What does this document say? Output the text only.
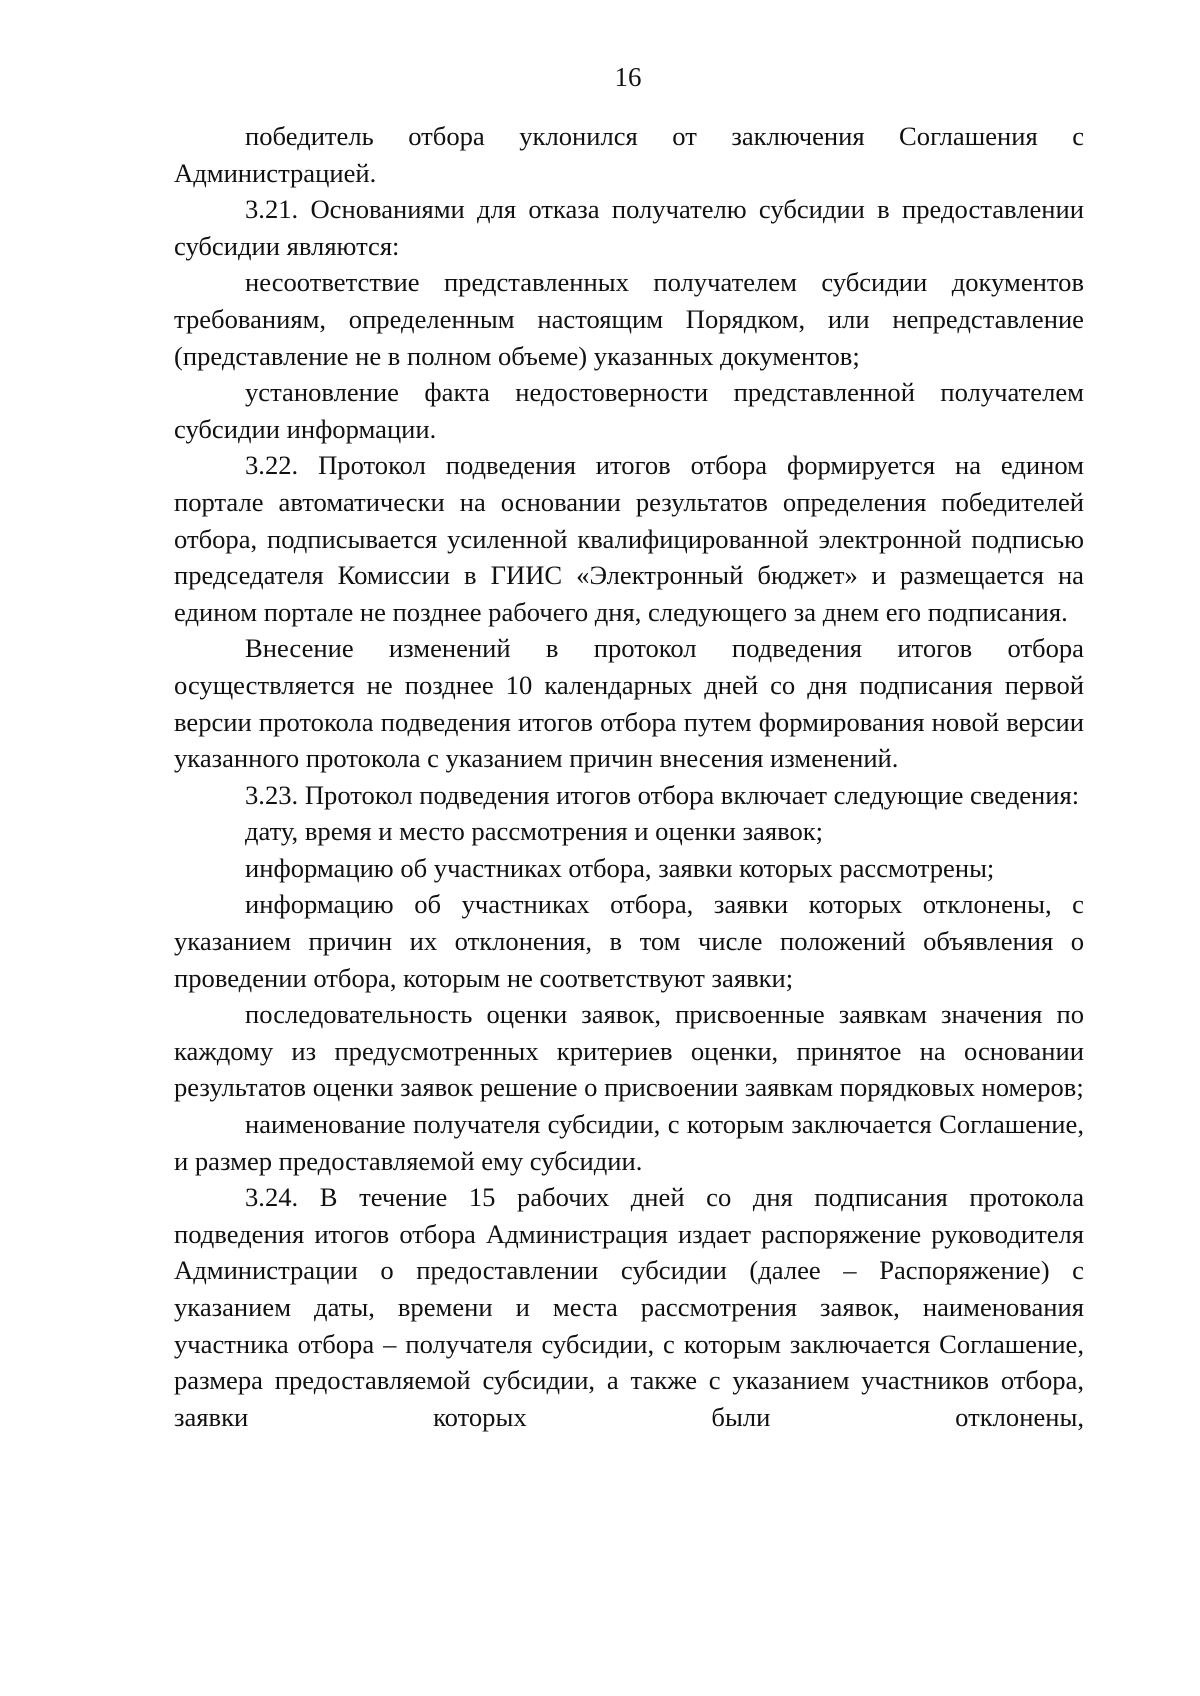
16

победитель отбора уклонился от заключения Соглашения с Администрацией.

3.21. Основаниями для отказа получателю субсидии в предоставлении субсидии являются:

несоответствие представленных получателем субсидии документов требованиям, определенным настоящим Порядком, или непредставление (представление не в полном объеме) указанных документов;

установление факта недостоверности представленной получателем субсидии информации.

3.22. Протокол подведения итогов отбора формируется на едином портале автоматически на основании результатов определения победителей отбора, подписывается усиленной квалифицированной электронной подписью председателя Комиссии в ГИИС «Электронный бюджет» и размещается на едином портале не позднее рабочего дня, следующего за днем его подписания.

Внесение изменений в протокол подведения итогов отбора осуществляется не позднее 10 календарных дней со дня подписания первой версии протокола подведения итогов отбора путем формирования новой версии указанного протокола с указанием причин внесения изменений.

3.23. Протокол подведения итогов отбора включает следующие сведения:

дату, время и место рассмотрения и оценки заявок;

информацию об участниках отбора, заявки которых рассмотрены;

информацию об участниках отбора, заявки которых отклонены, с указанием причин их отклонения, в том числе положений объявления о проведении отбора, которым не соответствуют заявки;

последовательность оценки заявок, присвоенные заявкам значения по каждому из предусмотренных критериев оценки, принятое на основании результатов оценки заявок решение о присвоении заявкам порядковых номеров;

наименование получателя субсидии, с которым заключается Соглашение, и размер предоставляемой ему субсидии.

3.24. В течение 15 рабочих дней со дня подписания протокола подведения итогов отбора Администрация издает распоряжение руководителя Администрации о предоставлении субсидии (далее – Распоряжение) с указанием даты, времени и места рассмотрения заявок, наименования участника отбора – получателя субсидии, с которым заключается Соглашение, размера предоставляемой субсидии, а также с указанием участников отбора, заявки которых были отклонены,
